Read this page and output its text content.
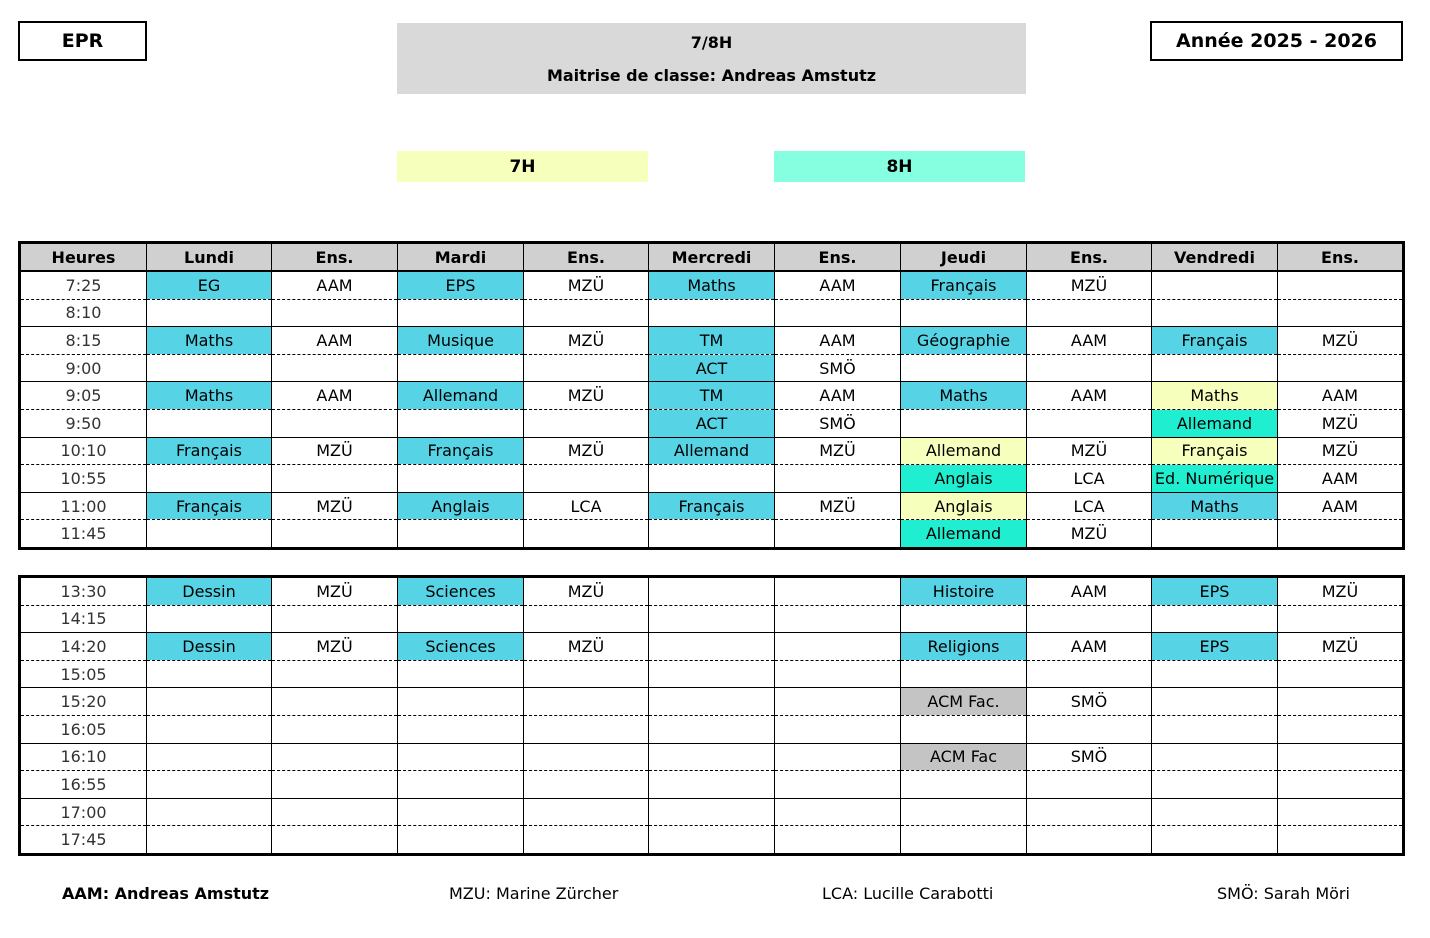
EPR	7/8H
Maitrise de classe: Andreas Amstutz
Année 2025 - 2026
7H	8H
Heures	Lundi	Ens.	Mardi	Ens.	Mercredi	Ens.	Jeudi	Ens.	Vendredi	Ens.
7:25	EG	AAM	EPS	MZÜ	Maths	AAM	Français	MZÜ		
8:10										
8:15	Maths	AAM	Musique	MZÜ	TM	AAM	Géographie	AAM	Français	MZÜ
9:00					ACT	SMÖ				
9:05	Maths	AAM	Allemand	MZÜ	TM	AAM	Maths	AAM	Maths	AAM
9:50					ACT	SMÖ			Allemand	MZÜ
10:10	Français	MZÜ	Français	MZÜ	Allemand	MZÜ	Allemand	MZÜ	Français	MZÜ
10:55							Anglais	LCA	Ed. Numérique	AAM
11:00	Français	MZÜ	Anglais	LCA	Français	MZÜ	Anglais	LCA	Maths	AAM
11:45							Allemand	MZÜ		
13:30	Dessin	MZÜ	Sciences	MZÜ			Histoire	AAM	EPS	MZÜ
14:15										
14:20	Dessin	MZÜ	Sciences	MZÜ			Religions	AAM	EPS	MZÜ
15:05										
15:20							ACM Fac.	SMÖ		
16:05										
16:10							ACM Fac	SMÖ		
16:55										
17:00										
17:45										
AAM: Andreas Amstutz	MZU: Marine Zürcher	LCA: Lucille Carabotti	SMÖ: Sarah Möri
